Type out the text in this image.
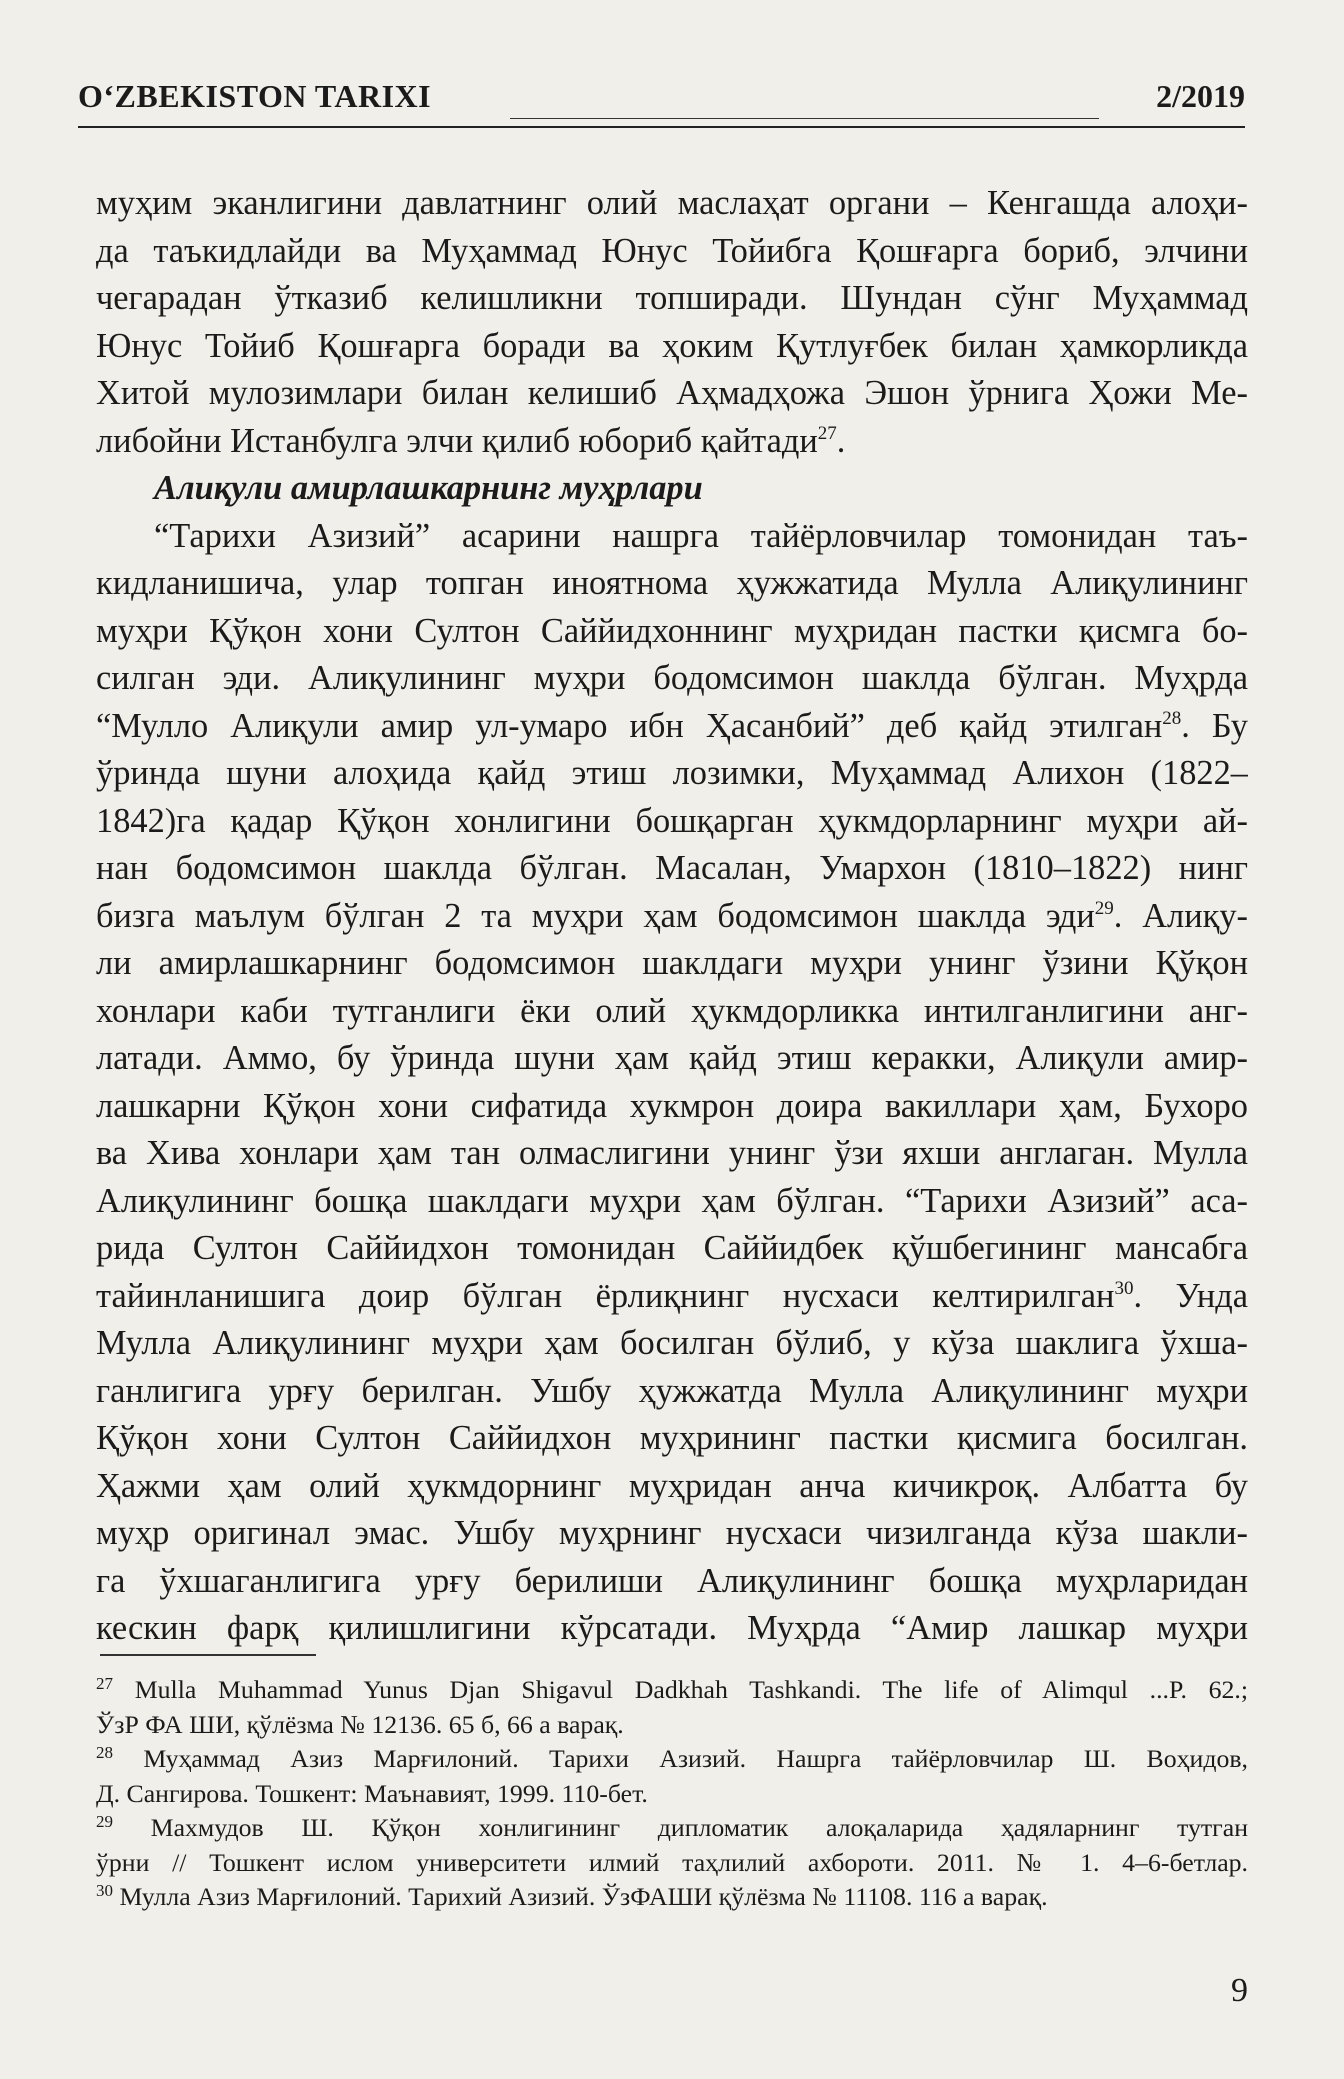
O‘ZBEKISTON TARIXI	2/2019
муҳим эканлигини давлатнинг олий маслаҳат органи – Кенгашда алоҳи-
да таъкидлайди ва Муҳаммад Юнус Тойибга Қошғарга бориб, элчини
чегарадан ўтказиб келишликни топширади. Шундан сўнг Муҳаммад
Юнус Тойиб Қошғарга боради ва ҳоким Қутлуғбек билан ҳамкорликда
Хитой мулозимлари билан келишиб Аҳмадҳожа Эшон ўрнига Ҳожи Ме-
либойни Истанбулга элчи қилиб юбориб қайтади$^{27}$.
Алиқули амирлашкарнинг муҳрлари
“Тарихи Азизий” асарини нашрга тайёрловчилар томонидан таъ-
кидланишича, улар топган иноятнома ҳужжатида Мулла Алиқулининг
муҳри Қўқон хони Султон Саййидхоннинг муҳридан пастки қисмга бо-
силган эди. Алиқулининг муҳри бодомсимон шаклда бўлган. Муҳрда
“Мулло Алиқули амир ул-умаро ибн Ҳасанбий” деб қайд этилган$^{28}$. Бу
ўринда шуни алоҳида қайд этиш лозимки, Муҳаммад Алихон (1822–
1842)га қадар Қўқон хонлигини бошқарган ҳукмдорларнинг муҳри ай-
нан бодомсимон шаклда бўлган. Масалан, Умархон (1810–1822) нинг
бизга маълум бўлган 2 та муҳри ҳам бодомсимон шаклда эди$^{29}$. Алиқу-
ли амирлашкарнинг бодомсимон шаклдаги муҳри унинг ўзини Қўқон
хонлари каби тутганлиги ёки олий ҳукмдорликка интилганлигини анг-
латади. Аммо, бу ўринда шуни ҳам қайд этиш керакки, Алиқули амир-
лашкарни Қўқон хони сифатида хукмрон доира вакиллари ҳам, Бухоро
ва Хива хонлари ҳам тан олмаслигини унинг ўзи яхши англаган. Мулла
Алиқулининг бошқа шаклдаги муҳри ҳам бўлган. “Тарихи Азизий” аса-
рида Султон Саййидхон томонидан Саййидбек қўшбегининг мансабга
тайинланишига доир бўлган ёрлиқнинг нусхаси келтирилган$^{30}$. Унда
Мулла Алиқулининг муҳри ҳам босилган бўлиб, у кўза шаклига ўхша-
ганлигига урғу берилган. Ушбу ҳужжатда Мулла Алиқулининг муҳри
Қўқон хони Султон Саййидхон муҳрининг пастки қисмига босилган.
Ҳажми ҳам олий ҳукмдорнинг муҳридан анча кичикроқ. Албатта бу
муҳр оригинал эмас. Ушбу муҳрнинг нусхаси чизилганда кўза шакли-
га ўхшаганлигига урғу берилиши Алиқулининг бошқа муҳрларидан
кескин фарқ қилишлигини кўрсатади. Муҳрда “Амир лашкар муҳри
$^{27}$ Mulla Muhammad Yunus Djan Shigavul Dadkhah Tashkandi. The life of Alimqul ...P. 62.;
ЎзР ФА ШИ, қўлёзма № 12136. 65 б, 66 а варақ.
$^{28}$ Муҳаммад Азиз Марғилоний. Тарихи Азизий. Нашрга тайёрловчилар Ш. Воҳидов,
Д. Сангирова. Тошкент: Маънавият, 1999. 110-бет.
$^{29}$ Махмудов Ш. Қўқон хонлигининг дипломатик алоқаларида ҳадяларнинг тутган
ўрни // Тошкент ислом университети илмий таҳлилий ахбороти. 2011. № 1. 4–6-бетлар.
$^{30}$ Мулла Азиз Марғилоний. Тарихий Азизий. ЎзФАШИ қўлёзма № 11108. 116 а варақ.
9
